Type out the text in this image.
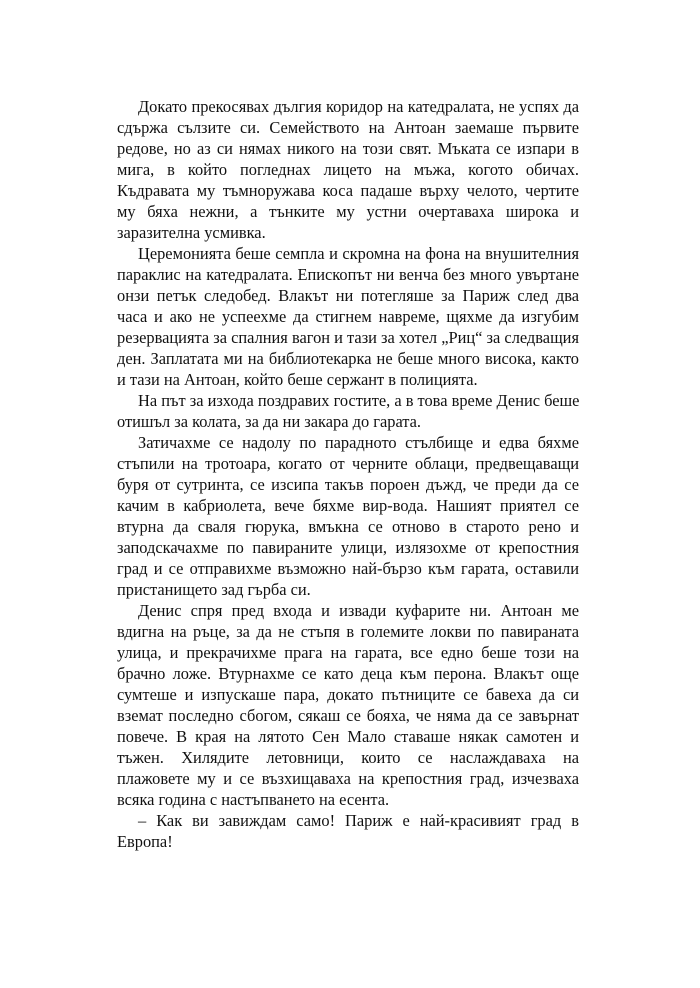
Докато прекосявах дългия коридор на катедралата, не успях да
сдържа сълзите си. Семейството на Антоан заемаше първите
редове, но аз си нямах никого на този свят. Мъката се изпари в
мига, в който погледнах лицето на мъжа, когото обичах.
Къдравата му тъмноружава коса падаше върху челото, чертите
му бяха нежни, а тънките му устни очертаваха широка и
заразителна усмивка.
Церемонията беше семпла и скромна на фона на внушителния
параклис на катедралата. Епископът ни венча без много увъртане
онзи петък следобед. Влакът ни потегляше за Париж след два
часа и ако не успеехме да стигнем навреме, щяхме да изгубим
резервацията за спалния вагон и тази за хотел „Риц“ за следващия
ден. Заплатата ми на библиотекарка не беше много висока, както
и тази на Антоан, който беше сержант в полицията.
На път за изхода поздравих гостите, а в това време Денис беше
отишъл за колата, за да ни закара до гарата.
Затичахме се надолу по парадното стълбище и едва бяхме
стъпили на тротоара, когато от черните облаци, предвещаващи
буря от сутринта, се изсипа такъв пороен дъжд, че преди да се
качим в кабриолета, вече бяхме вир-вода. Нашият приятел се
втурна да сваля гюрука, вмъкна се отново в старото рено и
заподскачахме по павираните улици, излязохме от крепостния
град и се отправихме възможно най-бързо към гарата, оставили
пристанището зад гърба си.
Денис спря пред входа и извади куфарите ни. Антоан ме
вдигна на ръце, за да не стъпя в големите локви по павираната
улица, и прекрачихме прага на гарата, все едно беше този на
брачно ложе. Втурнахме се като деца към перона. Влакът още
сумтеше и изпускаше пара, докато пътниците се бавеха да си
вземат последно сбогом, сякаш се бояха, че няма да се завърнат
повече. В края на лятото Сен Мало ставаше някак самотен и
тъжен. Хилядите летовници, които се наслаждаваха на
плажовете му и се възхищаваха на крепостния град, изчезваха
всяка година с настъпването на есента.
– Как ви завиждам само! Париж е най-красивият град в
Европа!
